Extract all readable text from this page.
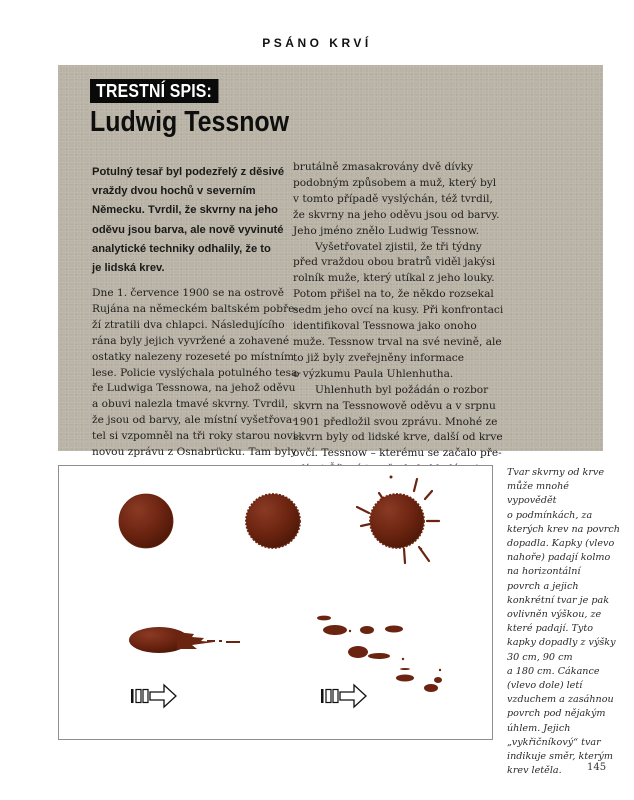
PSÁNO KRVÍ
TRESTNÍ SPIS:
Ludwig Tessnow
Potulný tesař byl podezřelý z děsivé
vraždy dvou hochů v severním
Německu. Tvrdil, že skvrny na jeho
oděvu jsou barva, ale nově vyvinuté
analytické techniky odhalily, že to
je lidská krev.
Dne 1. července 1900 se na ostrově
Rujána na německém baltském pobře-
ží ztratili dva chlapci. Následujícího
rána byly jejich vyvržené a zohavené
ostatky nalezeny rozeseté po místním
lese. Policie vyslýchala potulného tesa-
ře Ludwiga Tessnowa, na jehož oděvu
a obuvi nalezla tmavé skvrny. Tvrdil,
že jsou od barvy, ale místní vyšetřova-
tel si vzpomněl na tři roky starou novi-
novou zprávu z Osnabrücku. Tam byly
brutálně zmasakrovány dvě dívky
podobným způsobem a muž, který byl
v tomto případě vyslýchán, též tvrdil,
že skvrny na jeho oděvu jsou od barvy.
Jeho jméno znělo Ludwig Tessnow.
Vyšetřovatel zjistil, že tři týdny
před vraždou obou bratrů viděl jakýsi
rolník muže, který utíkal z jeho louky.
Potom přišel na to, že někdo rozsekal
sedm jeho ovcí na kusy. Při konfrontaci
identifikoval Tessnowa jako onoho
muže. Tessnow trval na své nevině, ale
to již byly zveřejněny informace
o výzkumu Paula Uhlenhutha.
Uhlenhuth byl požádán o rozbor
skvrn na Tessnowově oděvu a v srpnu
1901 předložil svou zprávu. Mnohé ze
skvrn byly od lidské krve, další od krve
ovčí. Tessnow – kterému se začalo pře-
Tvar skvrny od krve
může mnohé
vypovědět
o podmínkách, za
kterých krev na povrch
dopadla. Kapky (vlevo
nahoře) padají kolmo
na horizontální
povrch a jejich
konkrétní tvar je pak
ovlivněn výškou, ze
které padají. Tyto
kapky dopadly z výšky
30 cm, 90 cm
a 180 cm. Cákance
(vlevo dole) letí
vzduchem a zasáhnou
povrch pod nějakým
úhlem. Jejich
„vykřičníkový“ tvar
indikuje směr, kterým
krev letěla.	145
